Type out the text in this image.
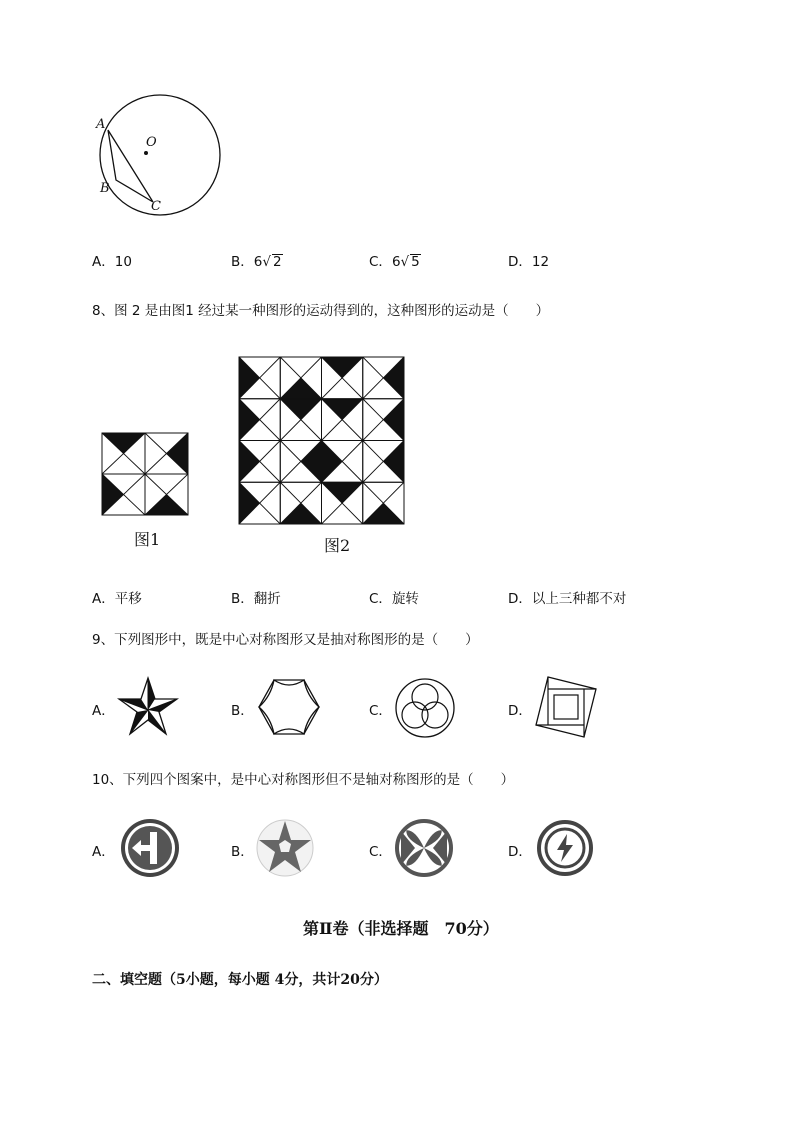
A
O
B
C
A．10	B．6√ 2	C．6√ 5	D．12
8、图 2 是由图1 经过某一种图形的运动得到的，这种图形的运动是（　　）
图1	图2
A．平移	B．翻折	C．旋转	D．以上三种都不对
9、下列图形中，既是中心对称图形又是抽对称图形的是（　　）
A．	B．	C．	D．
10、下列四个图案中，是中心对称图形但不是轴对称图形的是（　　）
A．	B．	C．	D．
第Ⅱ卷（非选择题　70分）
二、填空题（5小题，每小题 4分，共计20分）
